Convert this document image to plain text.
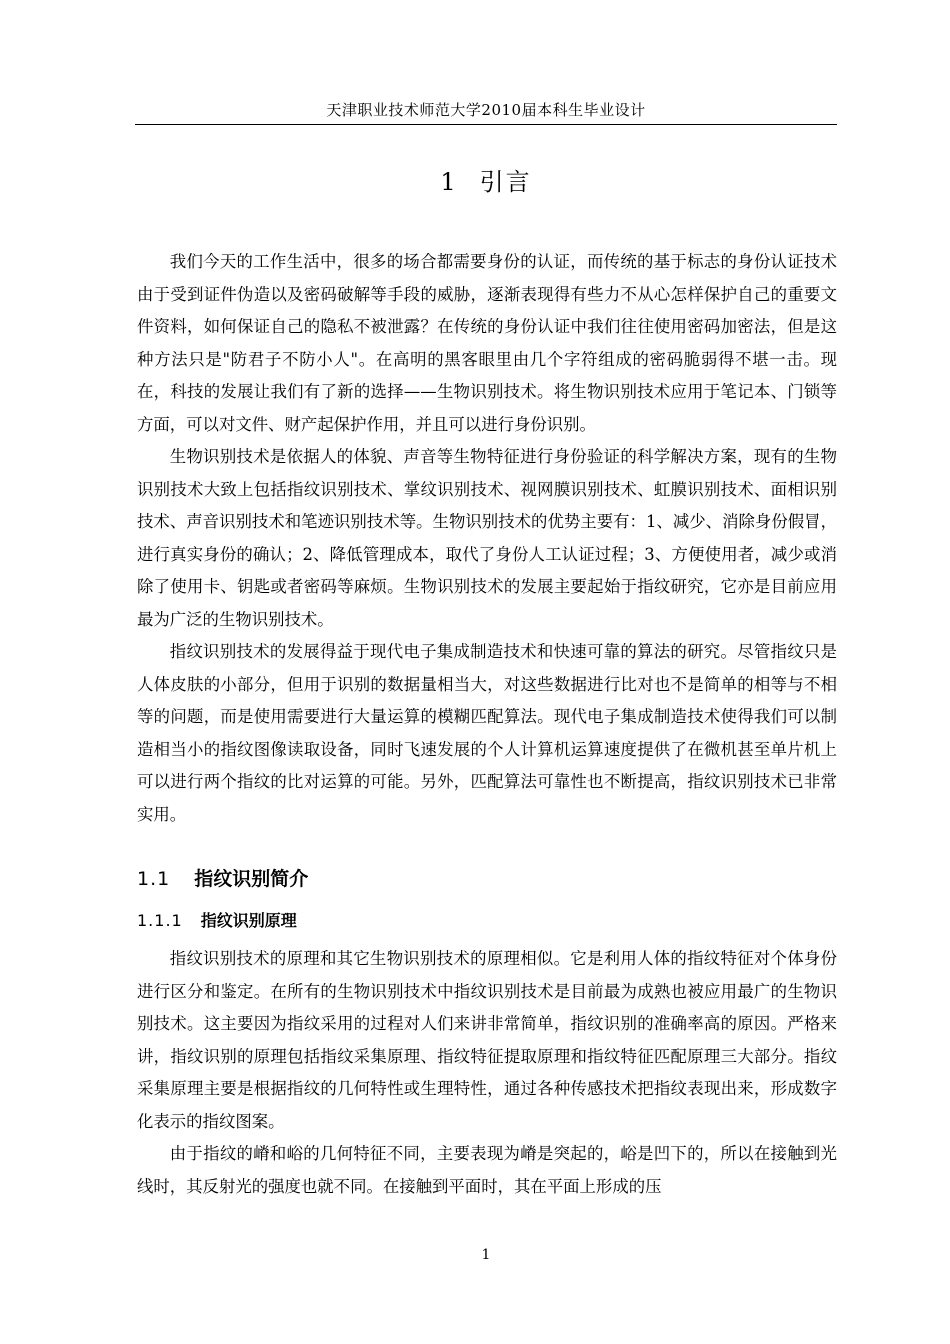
天津职业技术师范大学2010届本科生毕业设计
1 引言

我们今天的工作生活中，很多的场合都需要身份的认证，而传统的基于标志的身份认证技术由于受到证件伪造以及密码破解等手段的威胁，逐渐表现得有些力不从心怎样保护自己的重要文件资料，如何保证自己的隐私不被泄露？在传统的身份认证中我们往往使用密码加密法，但是这种方法只是"防君子不防小人"。在高明的黑客眼里由几个字符组成的密码脆弱得不堪一击。现在，科技的发展让我们有了新的选择——生物识别技术。将生物识别技术应用于笔记本、门锁等方面，可以对文件、财产起保护作用，并且可以进行身份识别。

生物识别技术是依据人的体貌、声音等生物特征进行身份验证的科学解决方案，现有的生物识别技术大致上包括指纹识别技术、掌纹识别技术、视网膜识别技术、虹膜识别技术、面相识别技术、声音识别技术和笔迹识别技术等。生物识别技术的优势主要有：1、减少、消除身份假冒，进行真实身份的确认；2、降低管理成本，取代了身份人工认证过程；3、方便使用者，减少或消除了使用卡、钥匙或者密码等麻烦。生物识别技术的发展主要起始于指纹研究，它亦是目前应用最为广泛的生物识别技术。

指纹识别技术的发展得益于现代电子集成制造技术和快速可靠的算法的研究。尽管指纹只是人体皮肤的小部分，但用于识别的数据量相当大，对这些数据进行比对也不是简单的相等与不相等的问题，而是使用需要进行大量运算的模糊匹配算法。现代电子集成制造技术使得我们可以制造相当小的指纹图像读取设备，同时飞速发展的个人计算机运算速度提供了在微机甚至单片机上可以进行两个指纹的比对运算的可能。另外，匹配算法可靠性也不断提高，指纹识别技术已非常实用。

1.1 指纹识别简介
1.1.1 指纹识别原理

指纹识别技术的原理和其它生物识别技术的原理相似。它是利用人体的指纹特征对个体身份进行区分和鉴定。在所有的生物识别技术中指纹识别技术是目前最为成熟也被应用最广的生物识别技术。这主要因为指纹采用的过程对人们来讲非常简单，指纹识别的准确率高的原因。严格来讲，指纹识别的原理包括指纹采集原理、指纹特征提取原理和指纹特征匹配原理三大部分。指纹采集原理主要是根据指纹的几何特性或生理特性，通过各种传感技术把指纹表现出来，形成数字化表示的指纹图案。

由于指纹的嵴和峪的几何特征不同，主要表现为嵴是突起的，峪是凹下的，所以在接触到光线时，其反射光的强度也就不同。在接触到平面时，其在平面上形成的压

1
